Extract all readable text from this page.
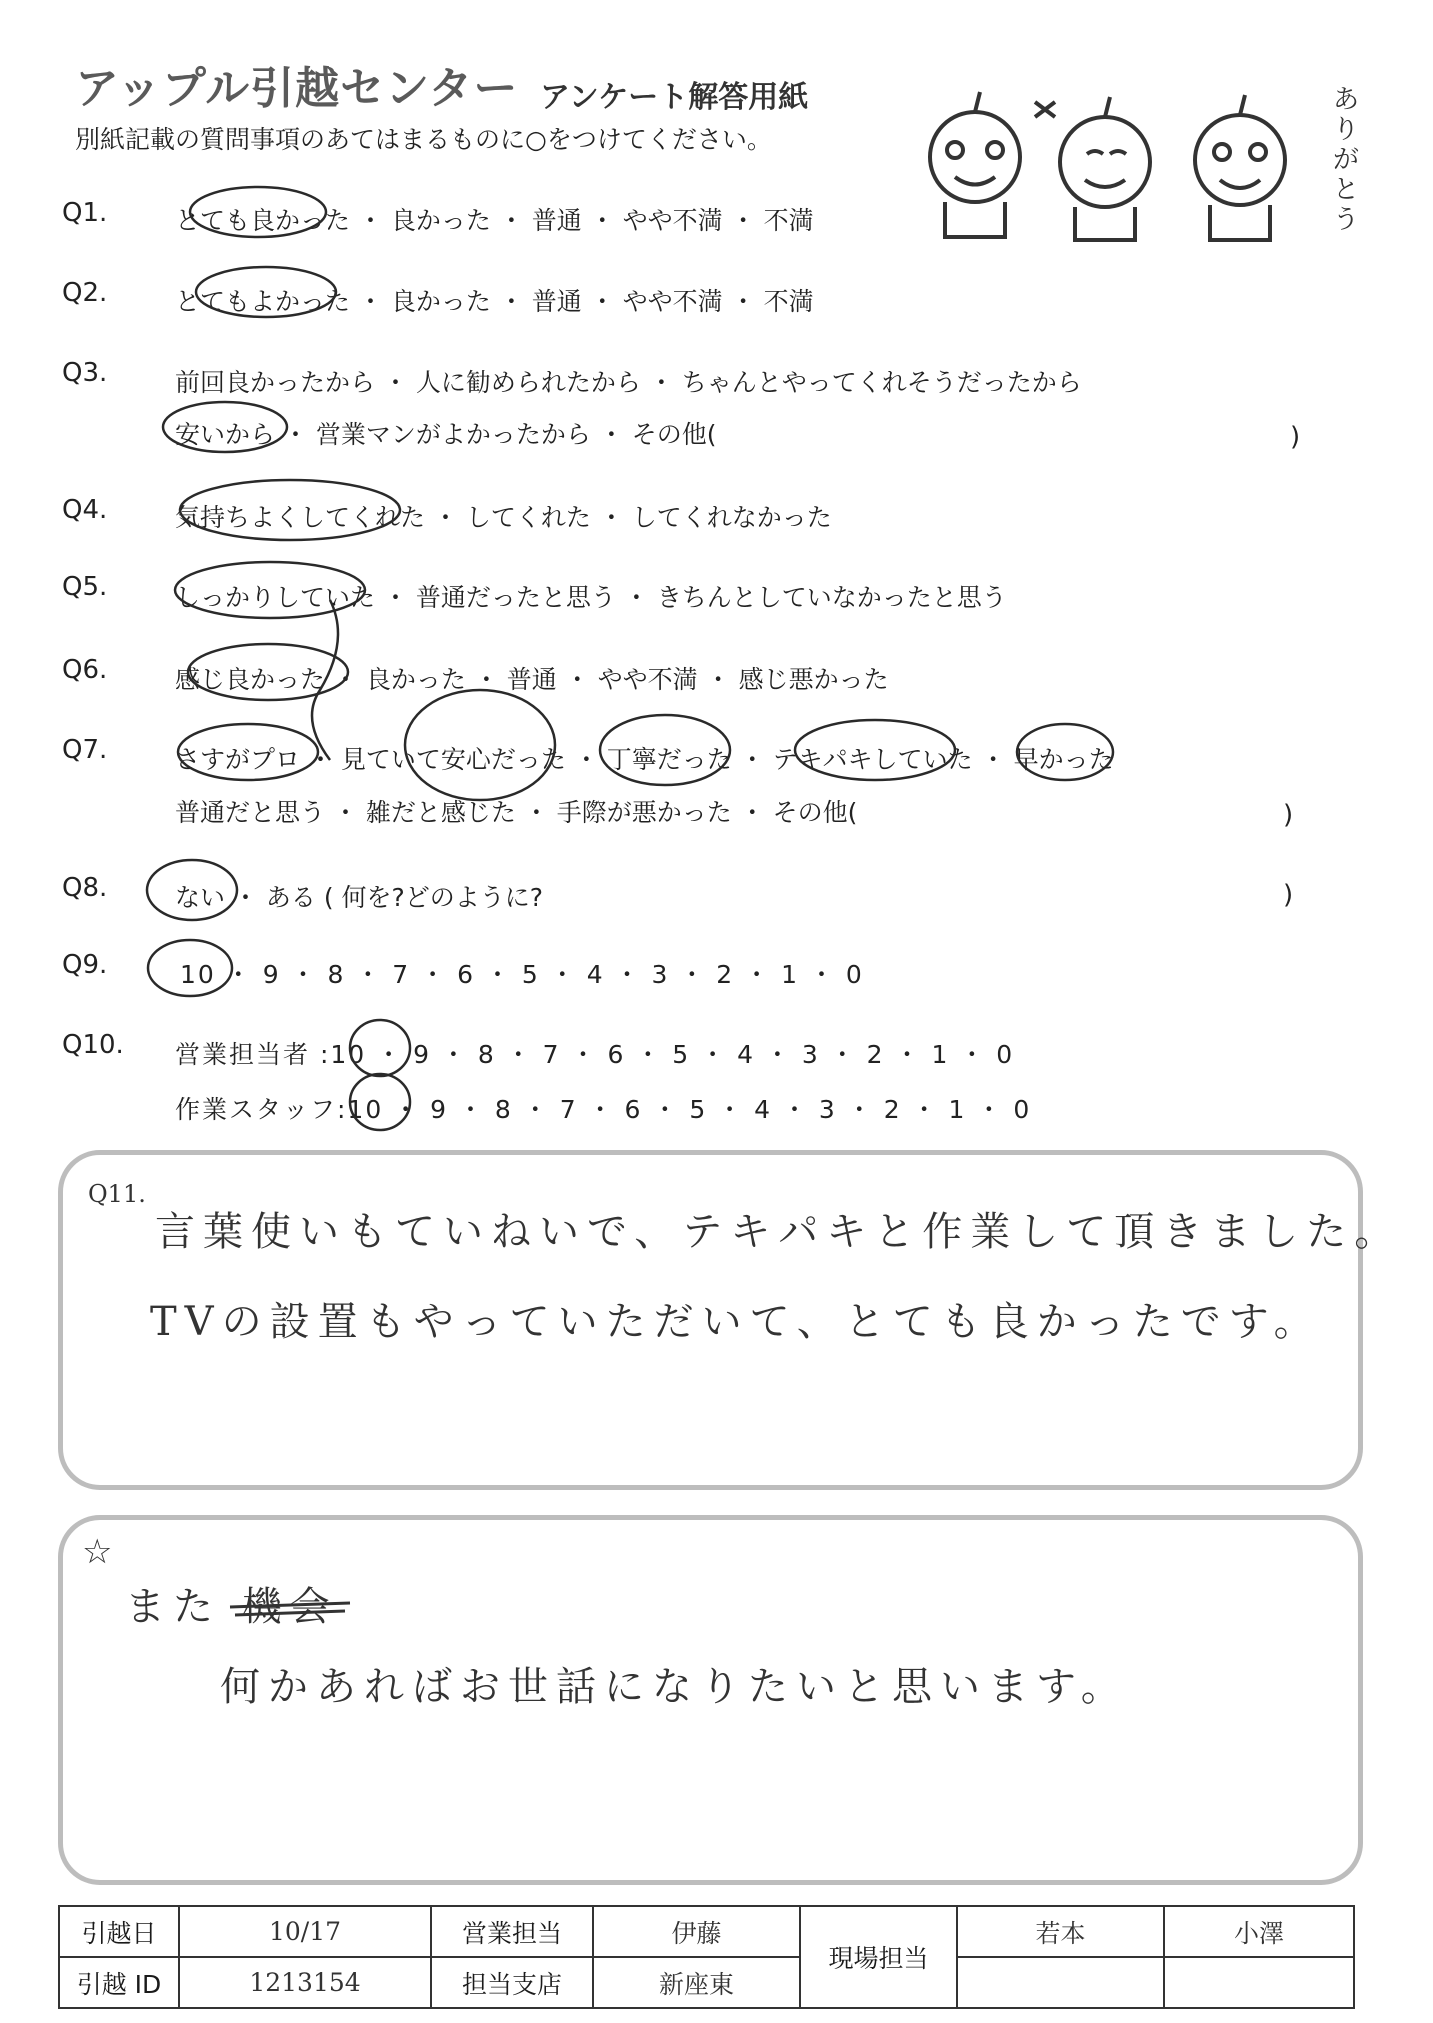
アップル引越センター アンケート解答用紙
別紙記載の質問事項のあてはまるものに○をつけてください。
ありがとう
Q1.	とても良かった ・ 良かった ・ 普通 ・ やや不満 ・ 不満
Q2.	とてもよかった ・ 良かった ・ 普通 ・ やや不満 ・ 不満
Q3.	前回良かったから ・ 人に勧められたから ・ ちゃんとやってくれそうだったから
安いから ・ 営業マンがよかったから ・ その他(	)
Q4.	気持ちよくしてくれた ・ してくれた ・ してくれなかった
Q5.	しっかりしていた ・ 普通だったと思う ・ きちんとしていなかったと思う
Q6.	感じ良かった ・ 良かった ・ 普通 ・ やや不満 ・ 感じ悪かった
Q7.	さすがプロ ・ 見ていて安心だった ・ 丁寧だった ・ テキパキしていた ・ 早かった
普通だと思う ・ 雑だと感じた ・ 手際が悪かった ・ その他(	)
Q8.	ない ・ ある ( 何を?どのように?	)
Q9.	10 ・ 9 ・ 8 ・ 7 ・ 6 ・ 5 ・ 4 ・ 3 ・ 2 ・ 1 ・ 0
Q10. 営業担当者 :10 ・ 9 ・ 8 ・ 7 ・ 6 ・ 5 ・ 4 ・ 3 ・ 2 ・ 1 ・ 0
作業スタッフ:10 ・ 9 ・ 8 ・ 7 ・ 6 ・ 5 ・ 4 ・ 3 ・ 2 ・ 1 ・ 0
Q11.
言葉使いもていねいで、テキパキと作業して頂きました。
TVの設置もやっていただいて、とても良かったです。
☆
また 機会
何かあればお世話になりたいと思います。
引越日	10/17	営業担当	伊藤	現場担当	若本	小澤
引越 ID	1213154	担当支店	新座東			
